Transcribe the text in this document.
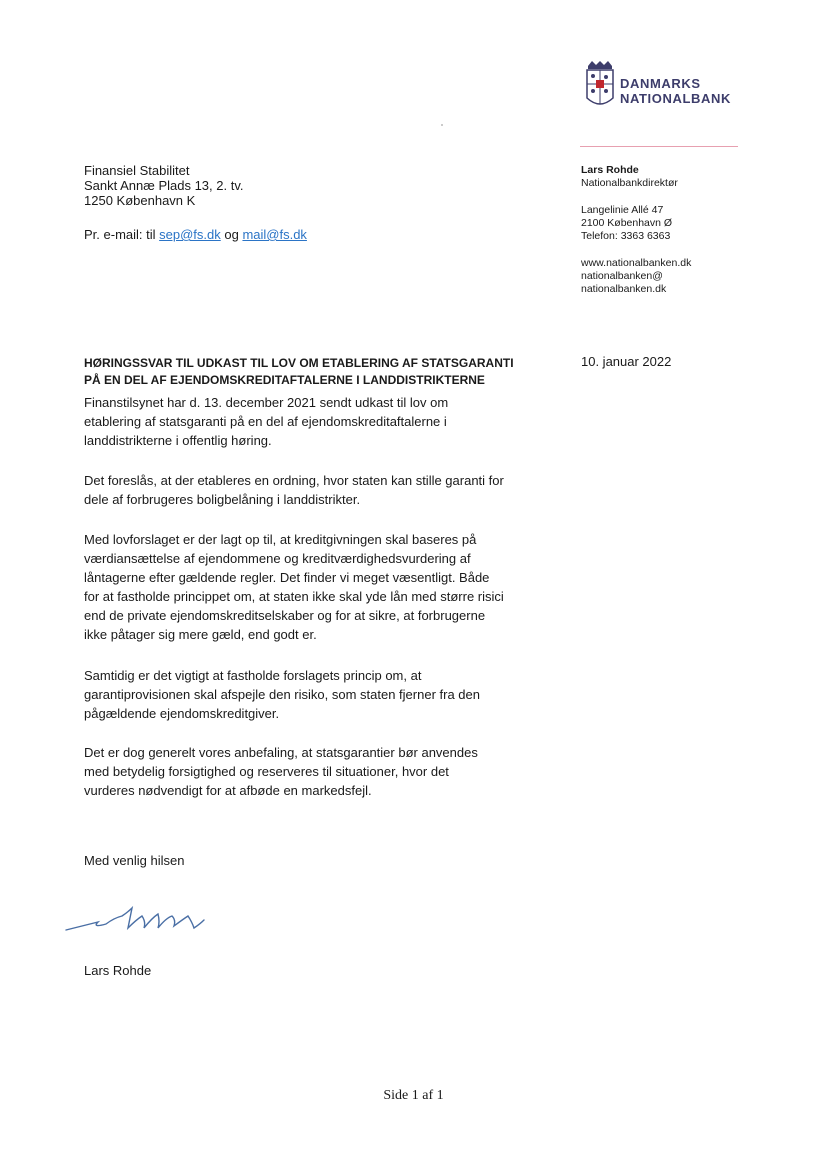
DANMARKS
NATIONALBANK
Finansiel Stabilitet
Sankt Annæ Plads 13, 2. tv.
1250 København K
Pr. e-mail: til sep@fs.dk og mail@fs.dk
Lars Rohde
Nationalbankdirektør
Langelinie Allé 47
2100 København Ø
Telefon: 3363 6363
www.nationalbanken.dk
nationalbanken@
nationalbanken.dk
10. januar 2022
HØRINGSSVAR TIL UDKAST TIL LOV OM ETABLERING AF STATSGARANTI
PÅ EN DEL AF EJENDOMSKREDITAFTALERNE I LANDDISTRIKTERNE
Finanstilsynet har d. 13. december 2021 sendt udkast til lov om
etablering af statsgaranti på en del af ejendomskreditaftalerne i
landdistrikterne i offentlig høring.
Det foreslås, at der etableres en ordning, hvor staten kan stille garanti for
dele af forbrugeres boligbelåning i landdistrikter.
Med lovforslaget er der lagt op til, at kreditgivningen skal baseres på
værdiansættelse af ejendommene og kreditværdighedsvurdering af
låntagerne efter gældende regler. Det finder vi meget væsentligt. Både
for at fastholde princippet om, at staten ikke skal yde lån med større risici
end de private ejendomskreditselskaber og for at sikre, at forbrugerne
ikke påtager sig mere gæld, end godt er.
Samtidig er det vigtigt at fastholde forslagets princip om, at
garantiprovisionen skal afspejle den risiko, som staten fjerner fra den
pågældende ejendomskreditgiver.
Det er dog generelt vores anbefaling, at statsgarantier bør anvendes
med betydelig forsigtighed og reserveres til situationer, hvor det
vurderes nødvendigt for at afbøde en markedsfejl.
Med venlig hilsen
Lars Rohde
Side 1 af 1
